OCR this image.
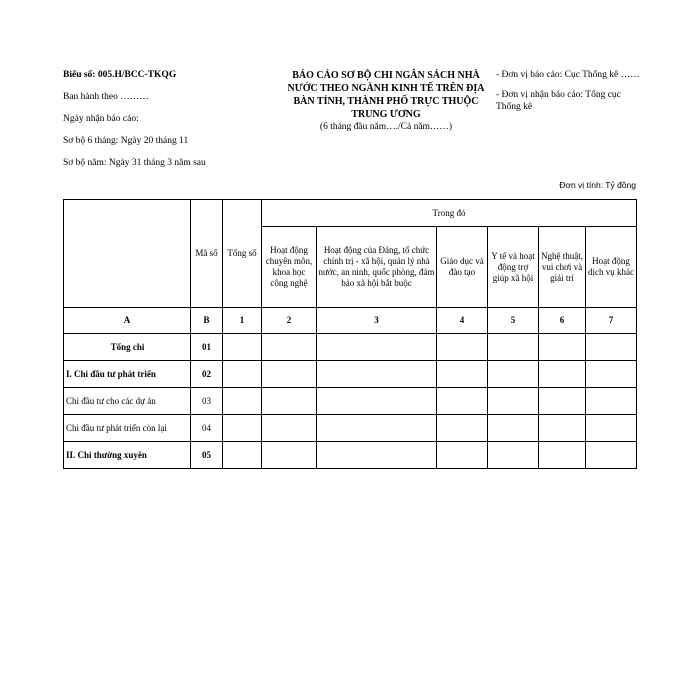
Biểu số: 005.H/BCC-TKQG
Ban hành theo ………
Ngày nhận báo cáo:
Sơ bộ 6 tháng: Ngày 20 tháng 11
Sơ bộ năm: Ngày 31 tháng 3 năm sau
BÁO CÁO SƠ BỘ CHI NGÂN SÁCH NHÀ
NƯỚC THEO NGÀNH KINH TẾ TRÊN ĐỊA
BÀN TỈNH, THÀNH PHỐ TRỰC THUỘC
TRUNG ƯƠNG
(6 tháng đầu năm…./Cả năm……)
- Đơn vị báo cáo: Cục Thống kê ……
- Đơn vị nhận báo cáo: Tổng cục Thống kê
Đơn vị tính: Tỷ đồng
	Mã số	Tổng số	Trong đó					
			Hoạt động chuyên môn, khoa học công nghệ	Hoạt động của Đảng, tổ chức chính trị - xã hội, quản lý nhà nước, an ninh, quốc phòng, đảm bảo xã hội bắt buộc	Giáo dục và đào tạo	Y tế và hoạt động trợ giúp xã hội	Nghệ thuật, vui chơi và giải trí	Hoạt động dịch vụ khác
A	B	1	2	3	4	5	6	7
Tổng chi	01							
I. Chi đầu tư phát triển	02							
Chi đầu tư cho các dự án	03							
Chi đầu tư phát triển còn lại	04							
II. Chi thường xuyên	05							
